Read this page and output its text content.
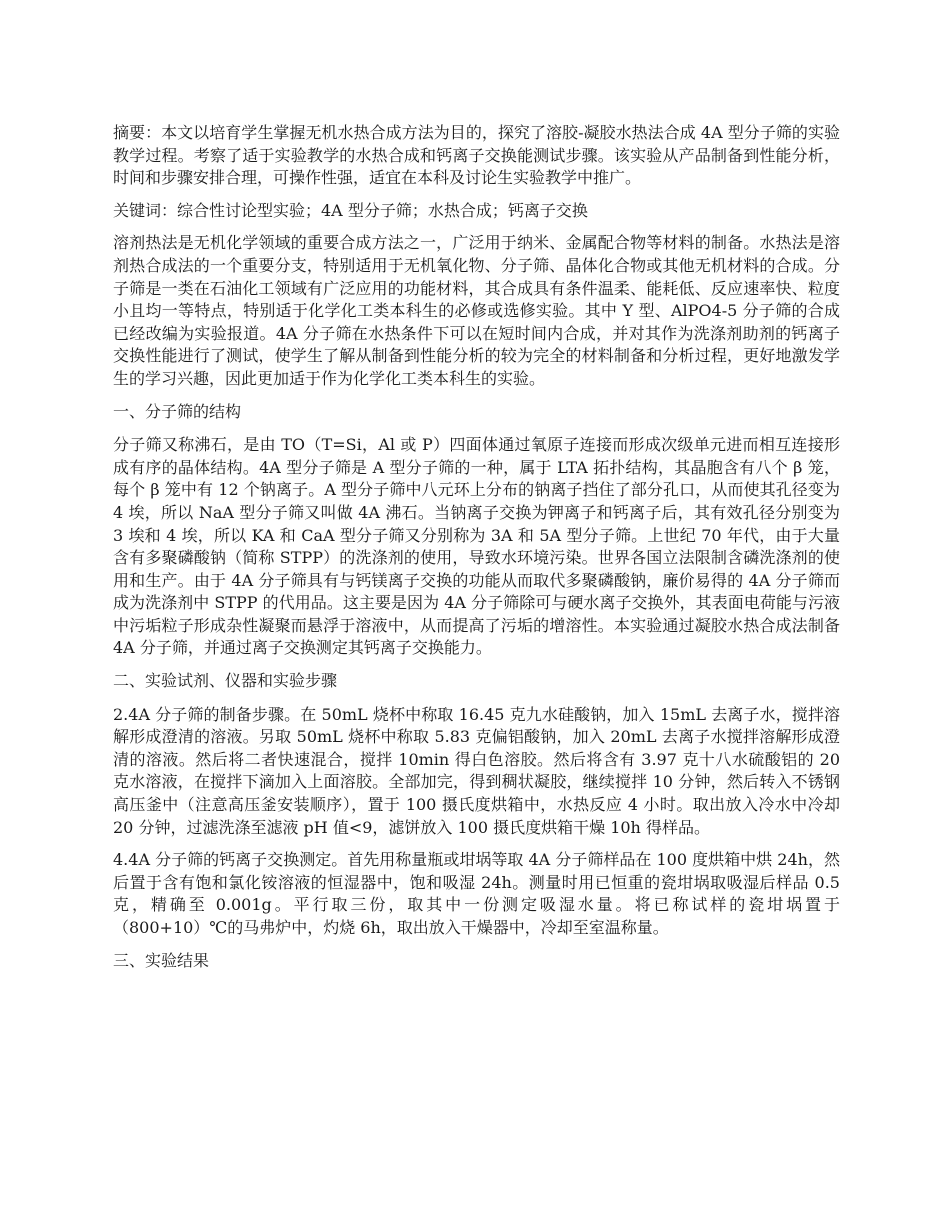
摘要：本文以培育学生掌握无机水热合成方法为目的，探究了溶胶-凝胶水热法合成 4A 型分子筛的实验教学过程。考察了适于实验教学的水热合成和钙离子交换能测试步骤。该实验从产品制备到性能分析，时间和步骤安排合理，可操作性强，适宜在本科及讨论生实验教学中推广。

关键词：综合性讨论型实验；4A 型分子筛；水热合成；钙离子交换

溶剂热法是无机化学领域的重要合成方法之一，广泛用于纳米、金属配合物等材料的制备。水热法是溶剂热合成法的一个重要分支，特别适用于无机氧化物、分子筛、晶体化合物或其他无机材料的合成。分子筛是一类在石油化工领域有广泛应用的功能材料，其合成具有条件温柔、能耗低、反应速率快、粒度小且均一等特点，特别适于化学化工类本科生的必修或选修实验。其中 Y 型、AlPO4-5 分子筛的合成已经改编为实验报道。4A 分子筛在水热条件下可以在短时间内合成，并对其作为洗涤剂助剂的钙离子交换性能进行了测试，使学生了解从制备到性能分析的较为完全的材料制备和分析过程，更好地激发学生的学习兴趣，因此更加适于作为化学化工类本科生的实验。

一、分子筛的结构

分子筛又称沸石，是由 TO（T=Si，Al 或 P）四面体通过氧原子连接而形成次级单元进而相互连接形成有序的晶体结构。4A 型分子筛是 A 型分子筛的一种，属于 LTA 拓扑结构，其晶胞含有八个 β 笼，每个 β 笼中有 12 个钠离子。A 型分子筛中八元环上分布的钠离子挡住了部分孔口，从而使其孔径变为 4 埃，所以 NaA 型分子筛又叫做 4A 沸石。当钠离子交换为钾离子和钙离子后，其有效孔径分别变为 3 埃和 4 埃，所以 KA 和 CaA 型分子筛又分别称为 3A 和 5A 型分子筛。上世纪 70 年代，由于大量含有多聚磷酸钠（简称 STPP）的洗涤剂的使用，导致水环境污染。世界各国立法限制含磷洗涤剂的使用和生产。由于 4A 分子筛具有与钙镁离子交换的功能从而取代多聚磷酸钠，廉价易得的 4A 分子筛而成为洗涤剂中 STPP 的代用品。这主要是因为 4A 分子筛除可与硬水离子交换外，其表面电荷能与污液中污垢粒子形成杂性凝聚而悬浮于溶液中，从而提高了污垢的增溶性。本实验通过凝胶水热合成法制备 4A 分子筛，并通过离子交换测定其钙离子交换能力。

二、实验试剂、仪器和实验步骤

2.4A 分子筛的制备步骤。在 50mL 烧杯中称取 16.45 克九水硅酸钠，加入 15mL 去离子水，搅拌溶解形成澄清的溶液。另取 50mL 烧杯中称取 5.83 克偏铝酸钠，加入 20mL 去离子水搅拌溶解形成澄清的溶液。然后将二者快速混合，搅拌 10min 得白色溶胶。然后将含有 3.97 克十八水硫酸铝的 20 克水溶液，在搅拌下滴加入上面溶胶。全部加完，得到稠状凝胶，继续搅拌 10 分钟，然后转入不锈钢高压釜中（注意高压釜安装顺序），置于 100 摄氏度烘箱中，水热反应 4 小时。取出放入冷水中冷却 20 分钟，过滤洗涤至滤液 pH 值<9，滤饼放入 100 摄氏度烘箱干燥 10h 得样品。

4.4A 分子筛的钙离子交换测定。首先用称量瓶或坩埚等取 4A 分子筛样品在 100 度烘箱中烘 24h，然后置于含有饱和氯化铵溶液的恒湿器中，饱和吸湿 24h。测量时用已恒重的瓷坩埚取吸湿后样品 0.5 克，精确至 0.001g。平行取三份，取其中一份测定吸湿水量。将已称试样的瓷坩埚置于（800+10）℃的马弗炉中，灼烧 6h，取出放入干燥器中，冷却至室温称量。

三、实验结果
